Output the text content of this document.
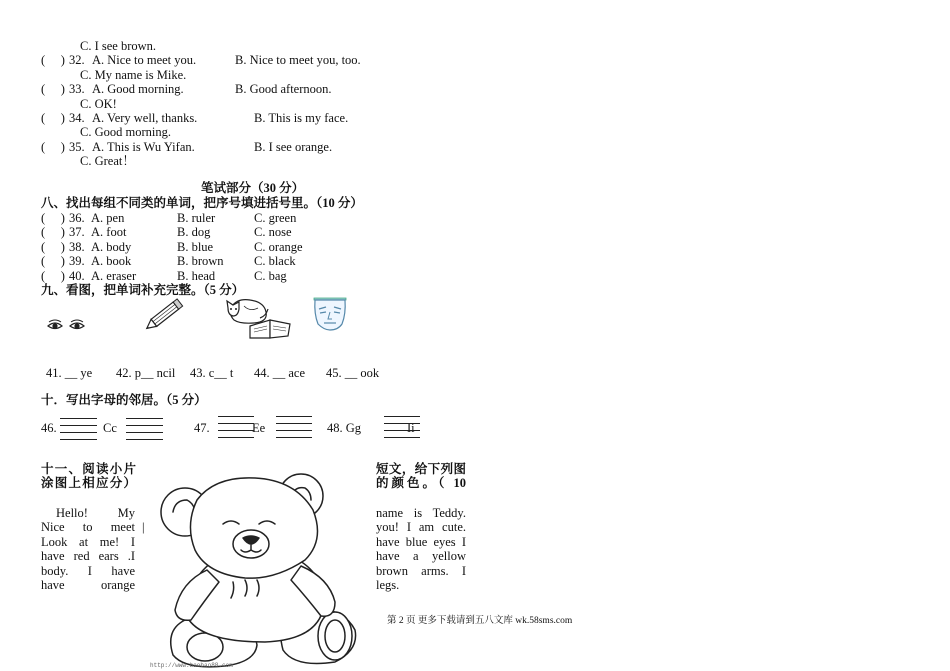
C. I see brown.
(　 ) 32. A. Nice to meet you.	B. Nice to meet you, too.
C. My name is Mike.
(　 ) 33. A. Good morning.	B. Good afternoon.
C. OK!
(　 ) 34. A. Very well, thanks.	B. This is my face.
C. Good morning.
(　 ) 35. A. This is Wu Yifan.	B. I see orange.
C. Great！
笔试部分（30 分）
八、找出每组不同类的单词，把序号填进括号里。（10 分）
(　 ) 36. A. pen	B. ruler	C. green
(　 ) 37. A. foot	B. dog	C. nose
(　 ) 38. A. body	B. blue	C. orange
(　 ) 39. A. book	B. brown C. black
(　 ) 40. A. eraser	B. head	C. bag
九、看图，把单词补充完整。（5 分）
41. __ ye 42. p__ ncil 43. c__ t 44. __ ace 45. __ ook
十．写出字母的邻居。（5 分）
46.	Cc	47.	Ee	48. Gg	Ii
十一、阅读小片涂图上相应分）
短文，给下列图的颜色。（ 10
Hello! My
Nice to meet
Look at me! I
have red ears .I
body. I have
have orange
name is Teddy.
you! I am cute.
have blue eyes I
have a yellow
brown arms. I
legs.
|
http://www.baobao88.com
第 2 页 更多下载请到五八文库 wk.58sms.com
